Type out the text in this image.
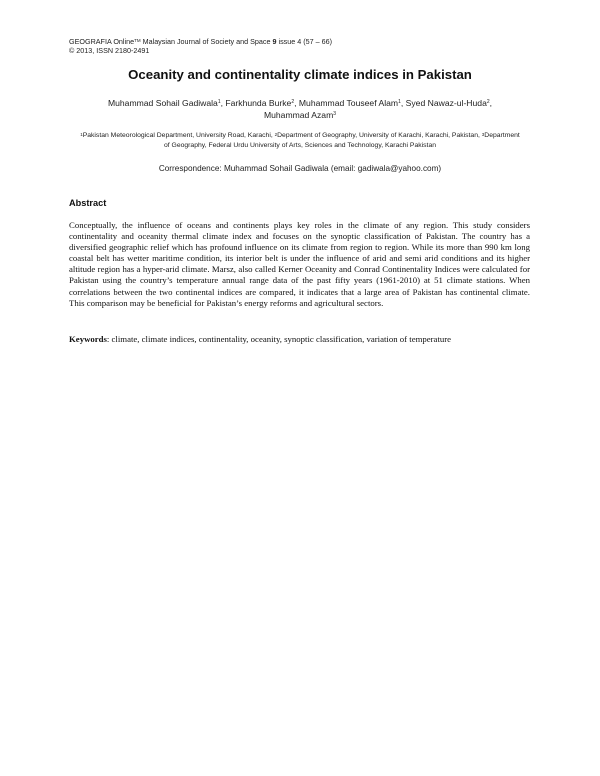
GEOGRAFIA Online™ Malaysian Journal of Society and Space 9 issue 4 (57 – 66)
© 2013, ISSN 2180-2491
Oceanity and continentality climate indices in Pakistan
Muhammad Sohail Gadiwala$^1$, Farkhunda Burke$^2$, Muhammad Touseef Alam$^1$, Syed Nawaz-ul-Huda$^2$,
Muhammad Azam$^3$
$^1$Pakistan Meteorological Department, University Road, Karachi, $^2$Department of Geography, University of Karachi, Karachi, Pakistan, $^3$Department of Geography, Federal Urdu University of Arts, Sciences and Technology, Karachi Pakistan
Correspondence: Muhammad Sohail Gadiwala (email: gadiwala@yahoo.com)
Abstract
Conceptually, the influence of oceans and continents plays key roles in the climate of any region. This study considers continentality and oceanity thermal climate index and focuses on the synoptic classification of Pakistan. The country has a diversified geographic relief which has profound influence on its climate from region to region. While its more than 990 km long coastal belt has wetter maritime condition, its interior belt is under the influence of arid and semi arid conditions and its higher altitude region has a hyper-arid climate. Marsz, also called Kerner Oceanity and Conrad Continentality Indices were calculated for Pakistan using the country’s temperature annual range data of the past fifty years (1961-2010) at 51 climate stations. When correlations between the two continental indices are compared, it indicates that a large area of Pakistan has continental climate. This comparison may be beneficial for Pakistan’s energy reforms and agricultural sectors.
Keywords: climate, climate indices, continentality, oceanity, synoptic classification, variation of temperature
